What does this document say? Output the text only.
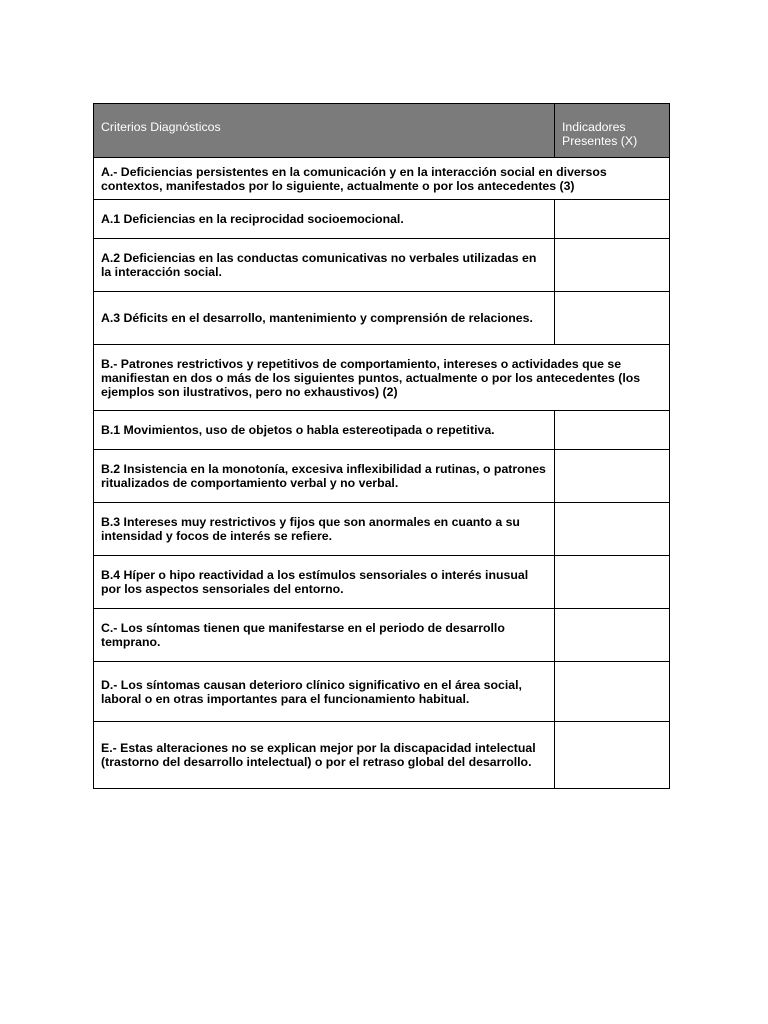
Criterios Diagnósticos	Indicadores Presentes (X)
A.- Deficiencias persistentes en la comunicación y en la interacción social en diversos contextos, manifestados por lo siguiente, actualmente o por los antecedentes (3)	
A.1 Deficiencias en la reciprocidad socioemocional.	
A.2 Deficiencias en las conductas comunicativas no verbales utilizadas en la interacción social.	
A.3 Déficits en el desarrollo, mantenimiento y comprensión de relaciones.	
B.- Patrones restrictivos y repetitivos de comportamiento, intereses o actividades que se manifiestan en dos o más de los siguientes puntos, actualmente o por los antecedentes (los ejemplos son ilustrativos, pero no exhaustivos) (2)	
B.1 Movimientos, uso de objetos o habla estereotipada o repetitiva.	
B.2 Insistencia en la monotonía, excesiva inflexibilidad a rutinas, o patrones ritualizados de comportamiento verbal y no verbal.	
B.3 Intereses muy restrictivos y fijos que son anormales en cuanto a su intensidad y focos de interés se refiere.	
B.4 Híper o hipo reactividad a los estímulos sensoriales o interés inusual por los aspectos sensoriales del entorno.	
C.- Los síntomas tienen que manifestarse en el periodo de desarrollo temprano.	
D.- Los síntomas causan deterioro clínico significativo en el área social, laboral o en otras importantes para el funcionamiento habitual.	
E.- Estas alteraciones no se explican mejor por la discapacidad intelectual (trastorno del desarrollo intelectual) o por el retraso global del desarrollo.	
